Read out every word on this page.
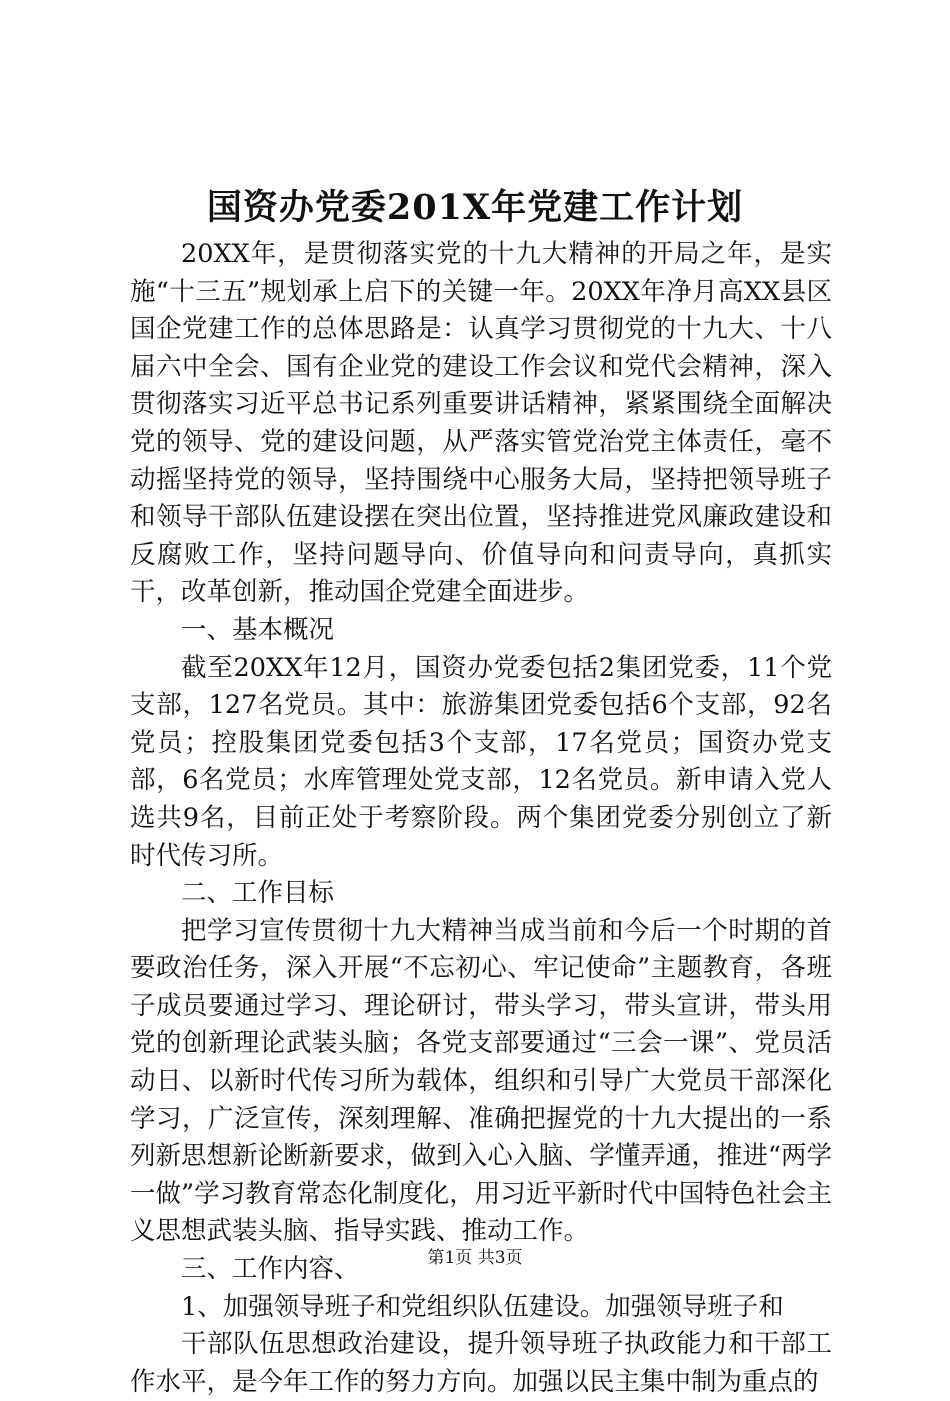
国资办党委201X年党建工作计划

20XX年，是贯彻落实党的十九大精神的开局之年，是实施“十三五”规划承上启下的关键一年。20XX年净月高XX县区国企党建工作的总体思路是：认真学习贯彻党的十九大、十八届六中全会、国有企业党的建设工作会议和党代会精神，深入贯彻落实习近平总书记系列重要讲话精神，紧紧围绕全面解决党的领导、党的建设问题，从严落实管党治党主体责任，毫不动摇坚持党的领导，坚持围绕中心服务大局，坚持把领导班子和领导干部队伍建设摆在突出位置，坚持推进党风廉政建设和反腐败工作，坚持问题导向、价值导向和问责导向，真抓实干，改革创新，推动国企党建全面进步。

一、基本概况

截至20XX年12月，国资办党委包括2集团党委，11个党支部，127名党员。其中：旅游集团党委包括6个支部，92名党员；控股集团党委包括3个支部，17名党员；国资办党支部，6名党员；水库管理处党支部，12名党员。新申请入党人选共9名，目前正处于考察阶段。两个集团党委分别创立了新时代传习所。

二、工作目标

把学习宣传贯彻十九大精神当成当前和今后一个时期的首要政治任务，深入开展“不忘初心、牢记使命”主题教育，各班子成员要通过学习、理论研讨，带头学习，带头宣讲，带头用党的创新理论武装头脑；各党支部要通过“三会一课”、党员活动日、以新时代传习所为载体，组织和引导广大党员干部深化学习，广泛宣传，深刻理解、准确把握党的十九大提出的一系列新思想新论断新要求，做到入心入脑、学懂弄通，推进“两学一做”学习教育常态化制度化，用习近平新时代中国特色社会主义思想武装头脑、指导实践、推动工作。

三、工作内容、

1、加强领导班子和党组织队伍建设。加强领导班子和

干部队伍思想政治建设，提升领导班子执政能力和干部工作水平，是今年工作的努力方向。加强以民主集中制为重点的

第1页 共3页
